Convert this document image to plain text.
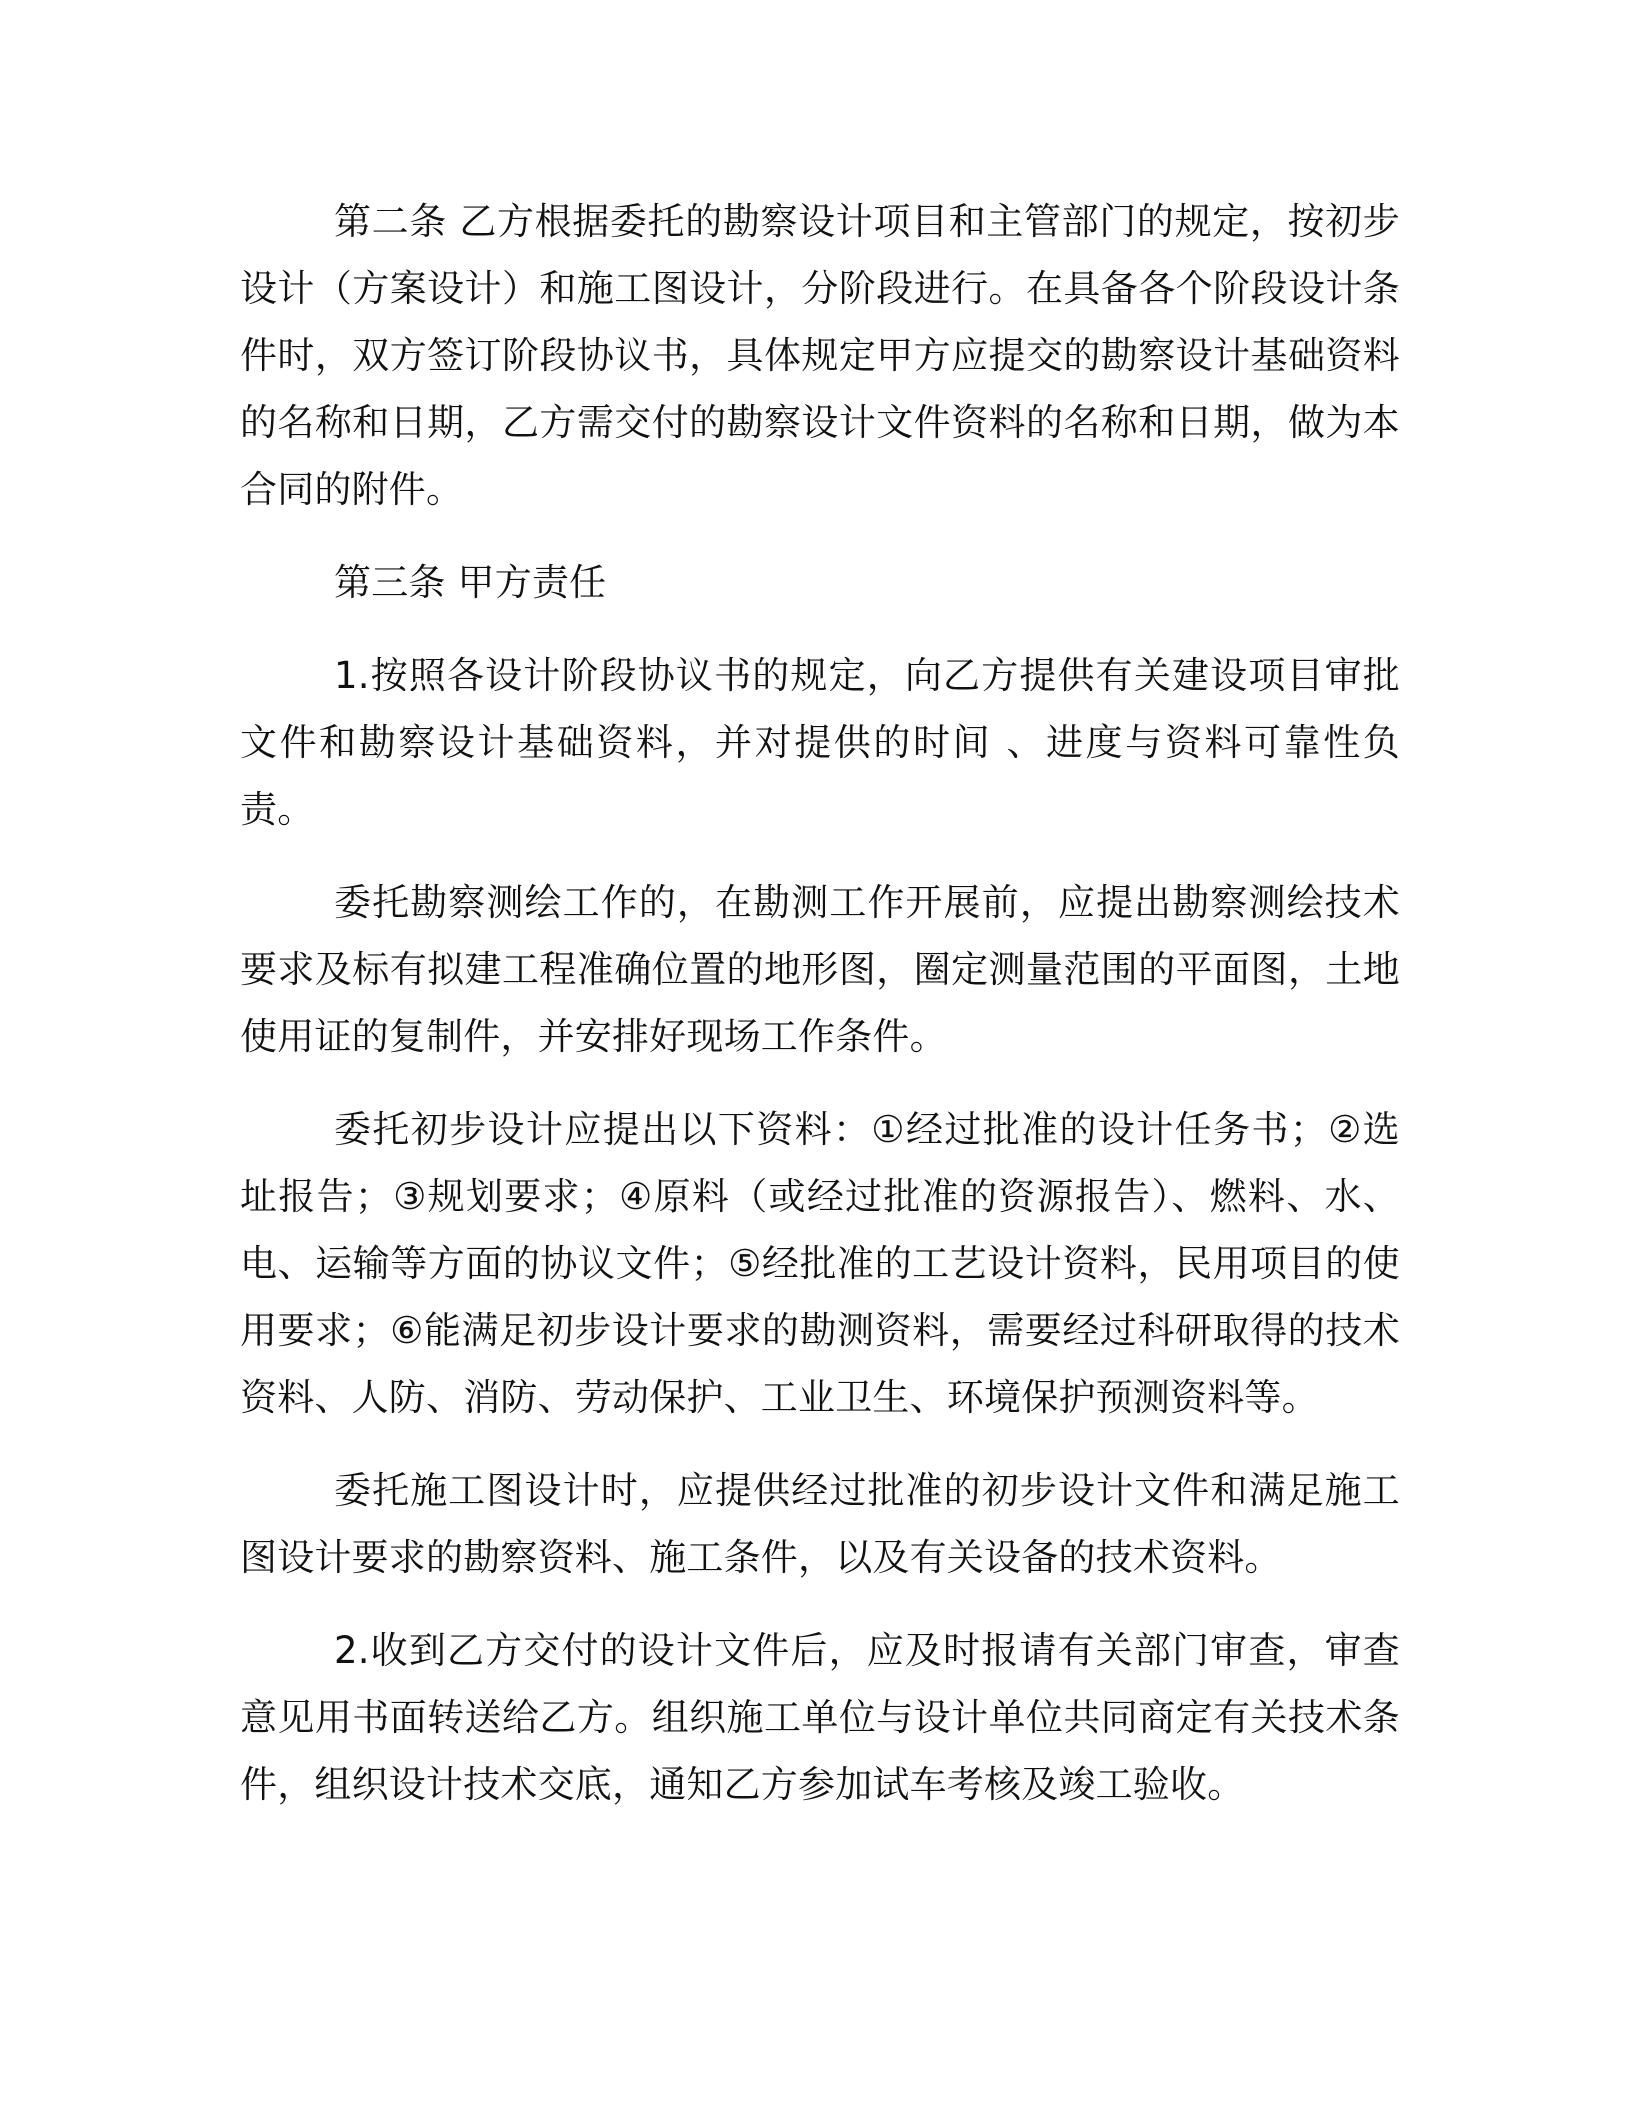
第二条 乙方根据委托的勘察设计项目和主管部门的规定，按初步设计（方案设计）和施工图设计，分阶段进行。在具备各个阶段设计条件时，双方签订阶段协议书，具体规定甲方应提交的勘察设计基础资料的名称和日期，乙方需交付的勘察设计文件资料的名称和日期，做为本合同的附件。

第三条 甲方责任

1.按照各设计阶段协议书的规定，向乙方提供有关建设项目审批文件和勘察设计基础资料，并对提供的时间 、进度与资料可靠性负责。

委托勘察测绘工作的，在勘测工作开展前，应提出勘察测绘技术要求及标有拟建工程准确位置的地形图，圈定测量范围的平面图，土地使用证的复制件，并安排好现场工作条件。

委托初步设计应提出以下资料：①经过批准的设计任务书；②选址报告；③规划要求；④原料（或经过批准的资源报告）、燃料、水、电、运输等方面的协议文件；⑤经批准的工艺设计资料，民用项目的使用要求；⑥能满足初步设计要求的勘测资料，需要经过科研取得的技术资料、人防、消防、劳动保护、工业卫生、环境保护预测资料等。

委托施工图设计时，应提供经过批准的初步设计文件和满足施工图设计要求的勘察资料、施工条件，以及有关设备的技术资料。

2.收到乙方交付的设计文件后，应及时报请有关部门审查，审查意见用书面转送给乙方。组织施工单位与设计单位共同商定有关技术条件，组织设计技术交底，通知乙方参加试车考核及竣工验收。
